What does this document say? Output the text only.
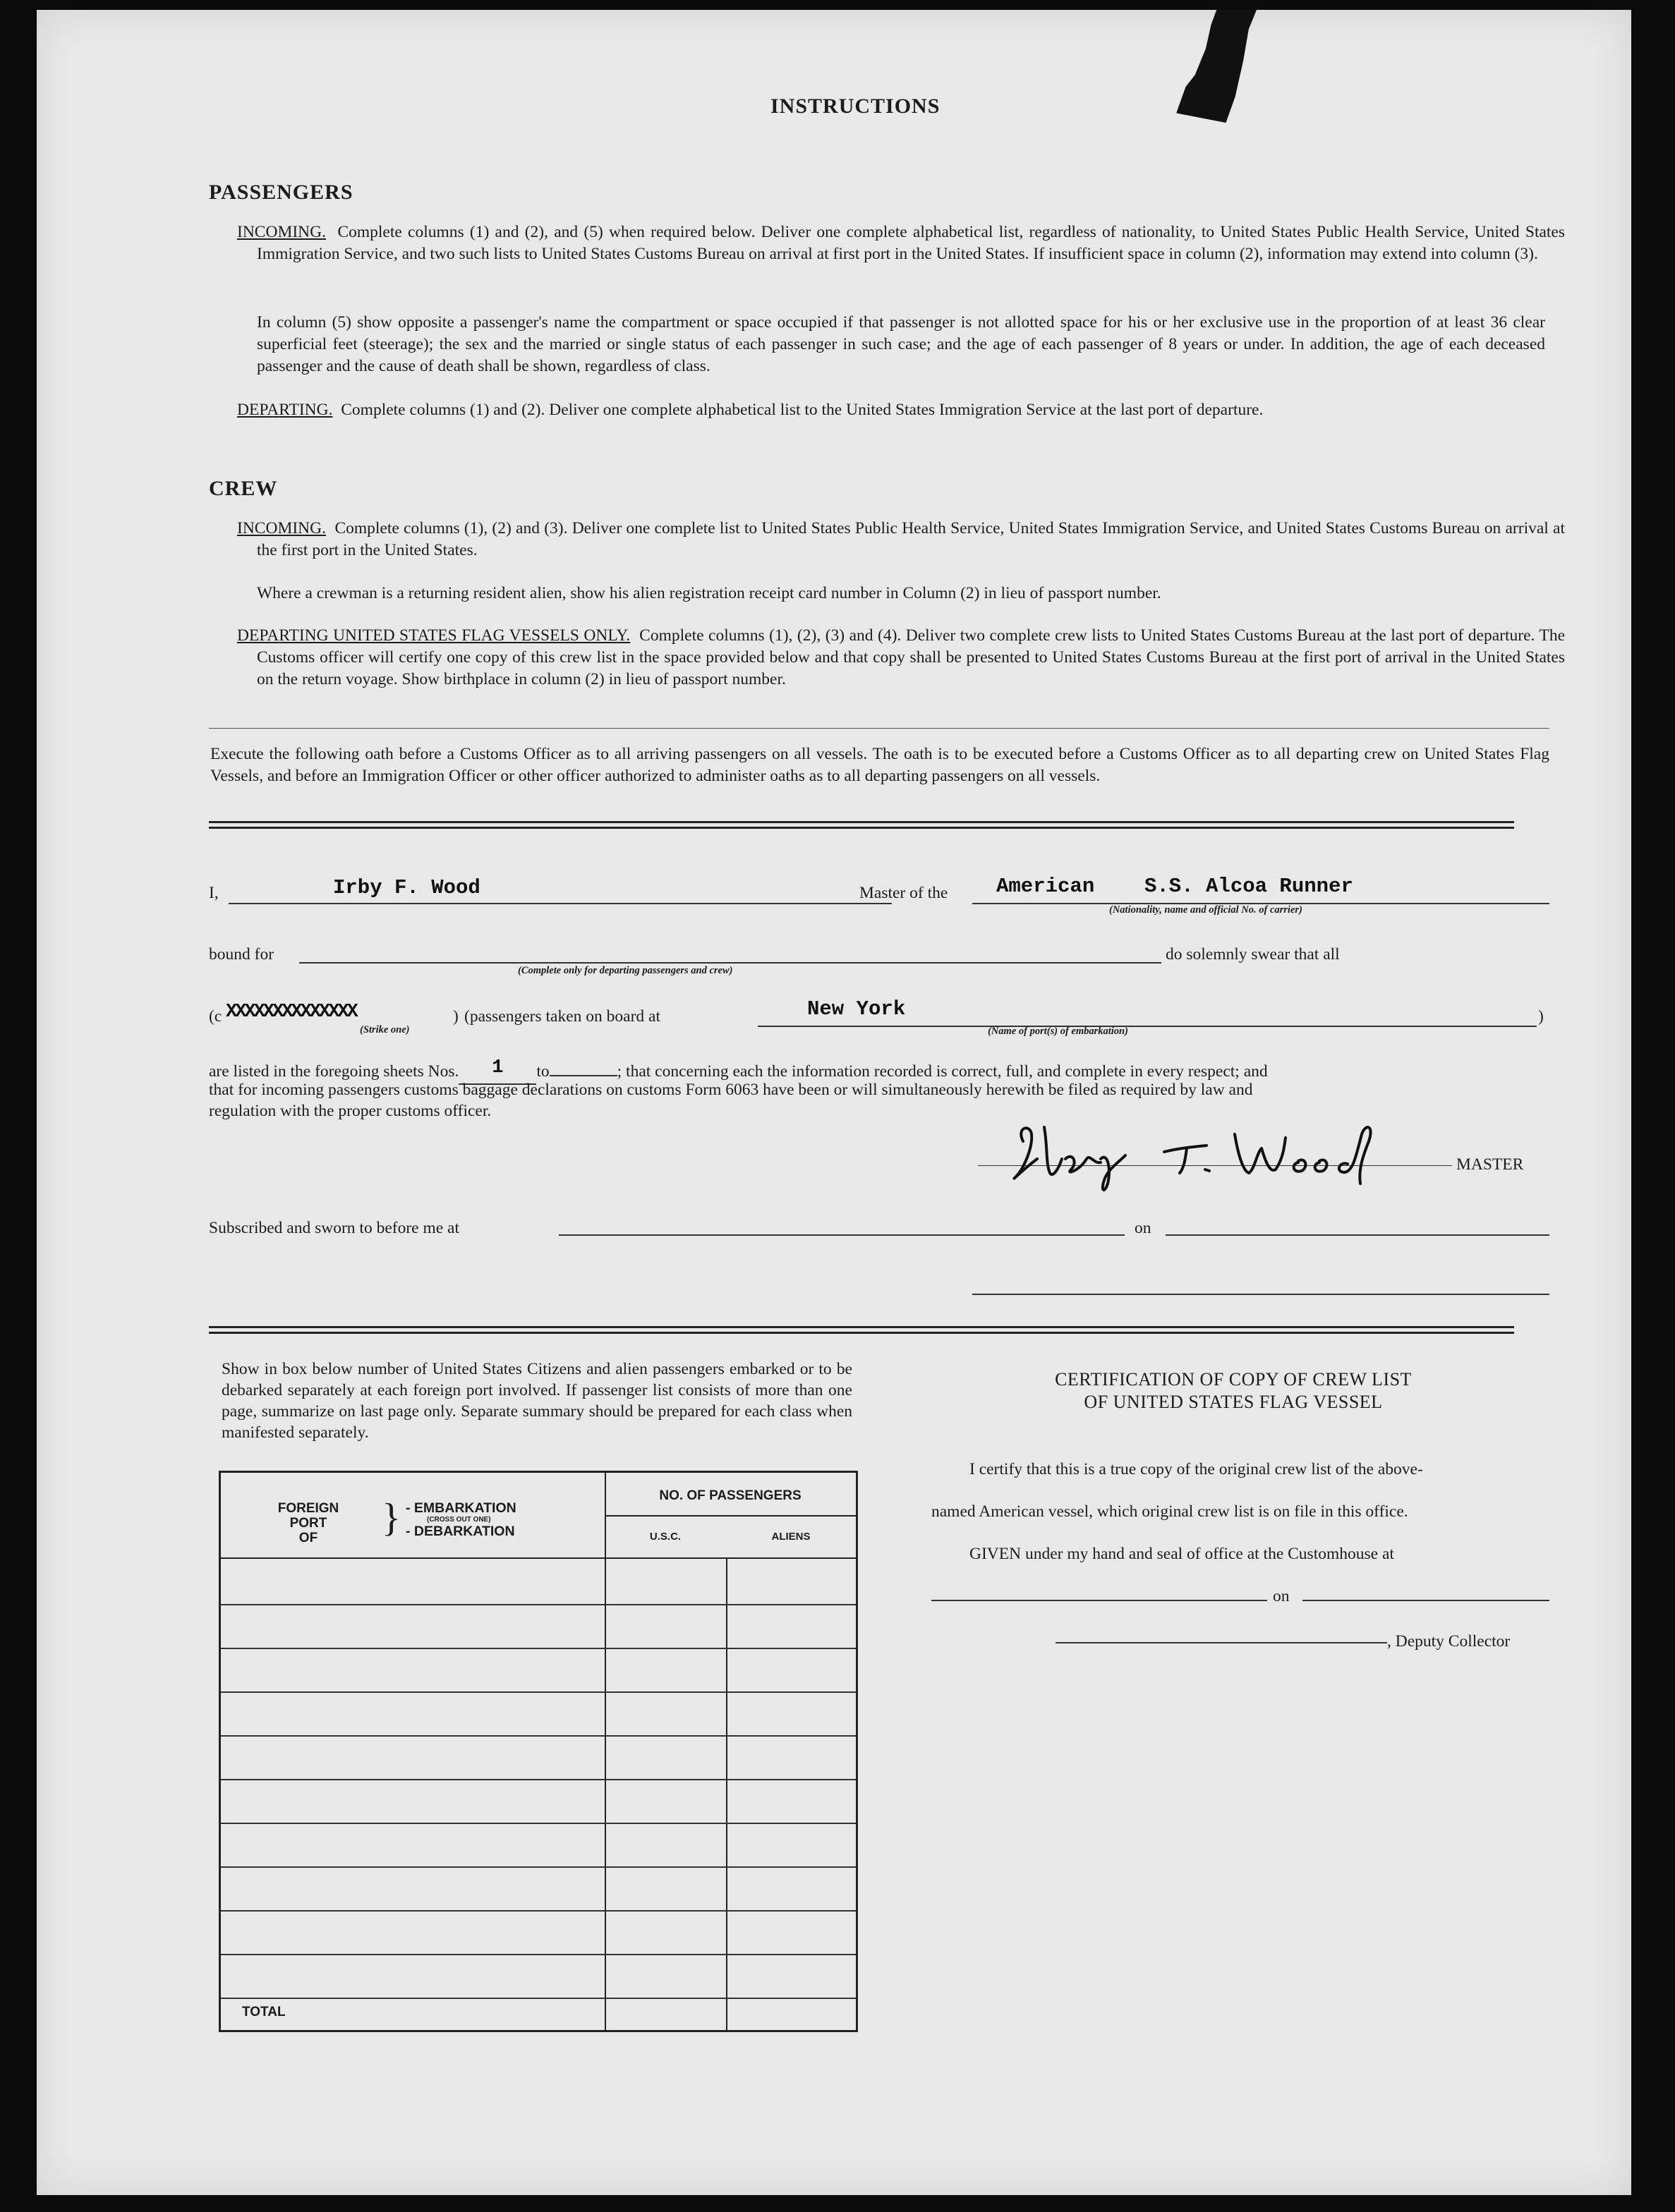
INSTRUCTIONS
PASSENGERS
INCOMING. Complete columns (1) and (2), and (5) when required below. Deliver one complete alphabetical list, regardless of nationality, to United States Public Health Service, United States Immigration Service, and two such lists to United States Customs Bureau on arrival at first port in the United States. If insufficient space in column (2), information may extend into column (3).
In column (5) show opposite a passenger's name the compartment or space occupied if that passenger is not allotted space for his or her exclusive use in the proportion of at least 36 clear superficial feet (steerage); the sex and the married or single status of each passenger in such case; and the age of each passenger of 8 years or under. In addition, the age of each deceased passenger and the cause of death shall be shown, regardless of class.
DEPARTING. Complete columns (1) and (2). Deliver one complete alphabetical list to the United States Immigration Service at the last port of departure.
CREW
INCOMING. Complete columns (1), (2) and (3). Deliver one complete list to United States Public Health Service, United States Immigration Service, and United States Customs Bureau on arrival at the first port in the United States.
Where a crewman is a returning resident alien, show his alien registration receipt card number in Column (2) in lieu of passport number.
DEPARTING UNITED STATES FLAG VESSELS ONLY. Complete columns (1), (2), (3) and (4). Deliver two complete crew lists to United States Customs Bureau at the last port of departure. The Customs officer will certify one copy of this crew list in the space provided below and that copy shall be presented to United States Customs Bureau at the first port of arrival in the United States on the return voyage. Show birthplace in column (2) in lieu of passport number.
Execute the following oath before a Customs Officer as to all arriving passengers on all vessels. The oath is to be executed before a Customs Officer as to all departing crew on United States Flag Vessels, and before an Immigration Officer or other officer authorized to administer oaths as to all departing passengers on all vessels.
I,	Irby F. Wood	Master of the American S.S. Alcoa Runner
(Nationality, name and official No. of carrier)
bound for
(Complete only for departing passengers and crew)
do solemnly swear that all
(c XXXXXXXXXXXXXX	)
(Strike one)
(passengers taken on board at	New York
(Name of port(s) of embarkation)
)
are listed in the foregoing sheets Nos. 1 to	; that concerning each the information recorded is correct, full, and complete in every respect; and
that for incoming passengers customs baggage declarations on customs Form 6063 have been or will simultaneously herewith be filed as required by law and
regulation with the proper customs officer.
MASTER
Subscribed and sworn to before me at	on
Show in box below number of United States Citizens and alien passengers embarked or to be debarked separately at each foreign port involved. If passenger list consists of more than one page, summarize on last page only. Separate summary should be prepared for each class when manifested separately.
FOREIGN
PORT
OF	} - EMBARKATION
(CROSS OUT ONE)
- DEBARKATION
NO. OF PASSENGERS
U.S.C.	ALIENS
TOTAL
CERTIFICATION OF COPY OF CREW LIST
OF UNITED STATES FLAG VESSEL
I certify that this is a true copy of the original crew list of the above-
named American vessel, which original crew list is on file in this office.
GIVEN under my hand and seal of office at the Customhouse at
on
, Deputy Collector
